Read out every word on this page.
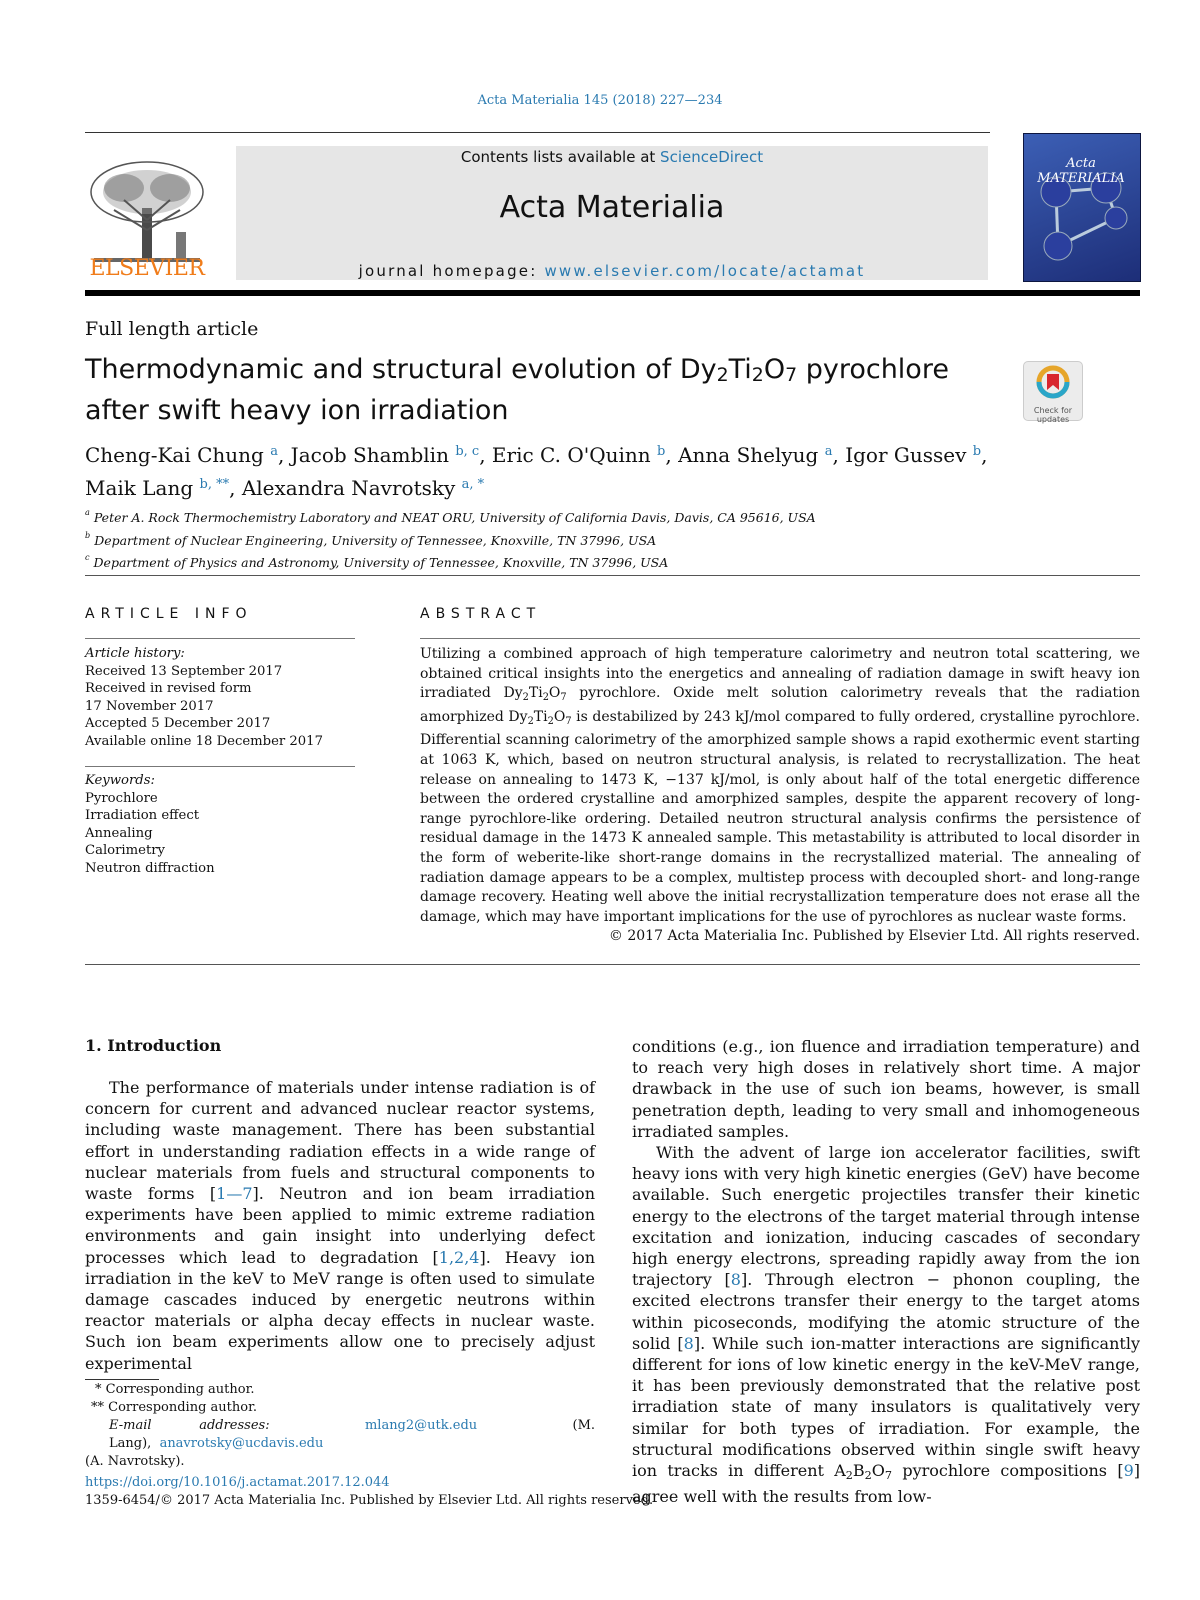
Acta Materialia 145 (2018) 227—234
ELSEVIER
Contents lists available at ScienceDirect
Acta Materialia
journal homepage: www.elsevier.com/locate/actamat
Acta MATERIALIA
Full length article
Thermodynamic and structural evolution of $Dy_2Ti_2O_7$ pyrochlore after swift heavy ion irradiation	Check for updates
Cheng-Kai Chung $^a$, Jacob Shamblin $^{b, c}$, Eric C. O'Quinn $^b$, Anna Shelyug $^a$, Igor Gussev $^b$,
Maik Lang $^{b, **}$, Alexandra Navrotsky $^{a, *}$
$^a$ Peter A. Rock Thermochemistry Laboratory and NEAT ORU, University of California Davis, Davis, CA 95616, USA
$^b$ Department of Nuclear Engineering, University of Tennessee, Knoxville, TN 37996, USA
$^c$ Department of Physics and Astronomy, University of Tennessee, Knoxville, TN 37996, USA
ARTICLE INFO
Article history:
Received 13 September 2017
Received in revised form
17 November 2017
Accepted 5 December 2017
Available online 18 December 2017
Keywords:
Pyrochlore
Irradiation effect
Annealing
Calorimetry
Neutron diffraction
ABSTRACT
Utilizing a combined approach of high temperature calorimetry and neutron total scattering, we obtained critical insights into the energetics and annealing of radiation damage in swift heavy ion irradiated $Dy_2Ti_2O_7$ pyrochlore. Oxide melt solution calorimetry reveals that the radiation amorphized $Dy_2Ti_2O_7$ is destabilized by 243 kJ/mol compared to fully ordered, crystalline pyrochlore. Differential scanning calorimetry of the amorphized sample shows a rapid exothermic event starting at 1063 K, which, based on neutron structural analysis, is related to recrystallization. The heat release on annealing to 1473 K, −137 kJ/mol, is only about half of the total energetic difference between the ordered crystalline and amorphized samples, despite the apparent recovery of long-range pyrochlore-like ordering. Detailed neutron structural analysis confirms the persistence of residual damage in the 1473 K annealed sample. This metastability is attributed to local disorder in the form of weberite-like short-range domains in the recrystallized material. The annealing of radiation damage appears to be a complex, multistep process with decoupled short- and long-range damage recovery. Heating well above the initial recrystallization temperature does not erase all the damage, which may have important implications for the use of pyrochlores as nuclear waste forms.
© 2017 Acta Materialia Inc. Published by Elsevier Ltd. All rights reserved.
1. Introduction
The performance of materials under intense radiation is of concern for current and advanced nuclear reactor systems, including waste management. There has been substantial effort in understanding radiation effects in a wide range of nuclear materials from fuels and structural components to waste forms [1—7]. Neutron and ion beam irradiation experiments have been applied to mimic extreme radiation environments and gain insight into underlying defect processes which lead to degradation [1,2,4]. Heavy ion irradiation in the keV to MeV range is often used to simulate damage cascades induced by energetic neutrons within reactor materials or alpha decay effects in nuclear waste. Such ion beam experiments allow one to precisely adjust experimental

conditions (e.g., ion fluence and irradiation temperature) and to reach very high doses in relatively short time. A major drawback in the use of such ion beams, however, is small penetration depth, leading to very small and inhomogeneous irradiated samples.

With the advent of large ion accelerator facilities, swift heavy ions with very high kinetic energies (GeV) have become available. Such energetic projectiles transfer their kinetic energy to the electrons of the target material through intense excitation and ionization, inducing cascades of secondary high energy electrons, spreading rapidly away from the ion trajectory [8]. Through electron − phonon coupling, the excited electrons transfer their energy to the target atoms within picoseconds, modifying the atomic structure of the solid [8]. While such ion-matter interactions are significantly different for ions of low kinetic energy in the keV-MeV range, it has been previously demonstrated that the relative post irradiation state of many insulators is qualitatively very similar for both types of irradiation. For example, the structural modifications observed within single swift heavy ion tracks in different $A_2B_2O_7$ pyrochlore compositions [9] agree well with the results from low-

* Corresponding author.
** Corresponding author.
E-mail addresses:	mlang2@utk.edu	(M. Lang), anavrotsky@ucdavis.edu
(A. Navrotsky).
https://doi.org/10.1016/j.actamat.2017.12.044
1359-6454/© 2017 Acta Materialia Inc. Published by Elsevier Ltd. All rights reserved.
